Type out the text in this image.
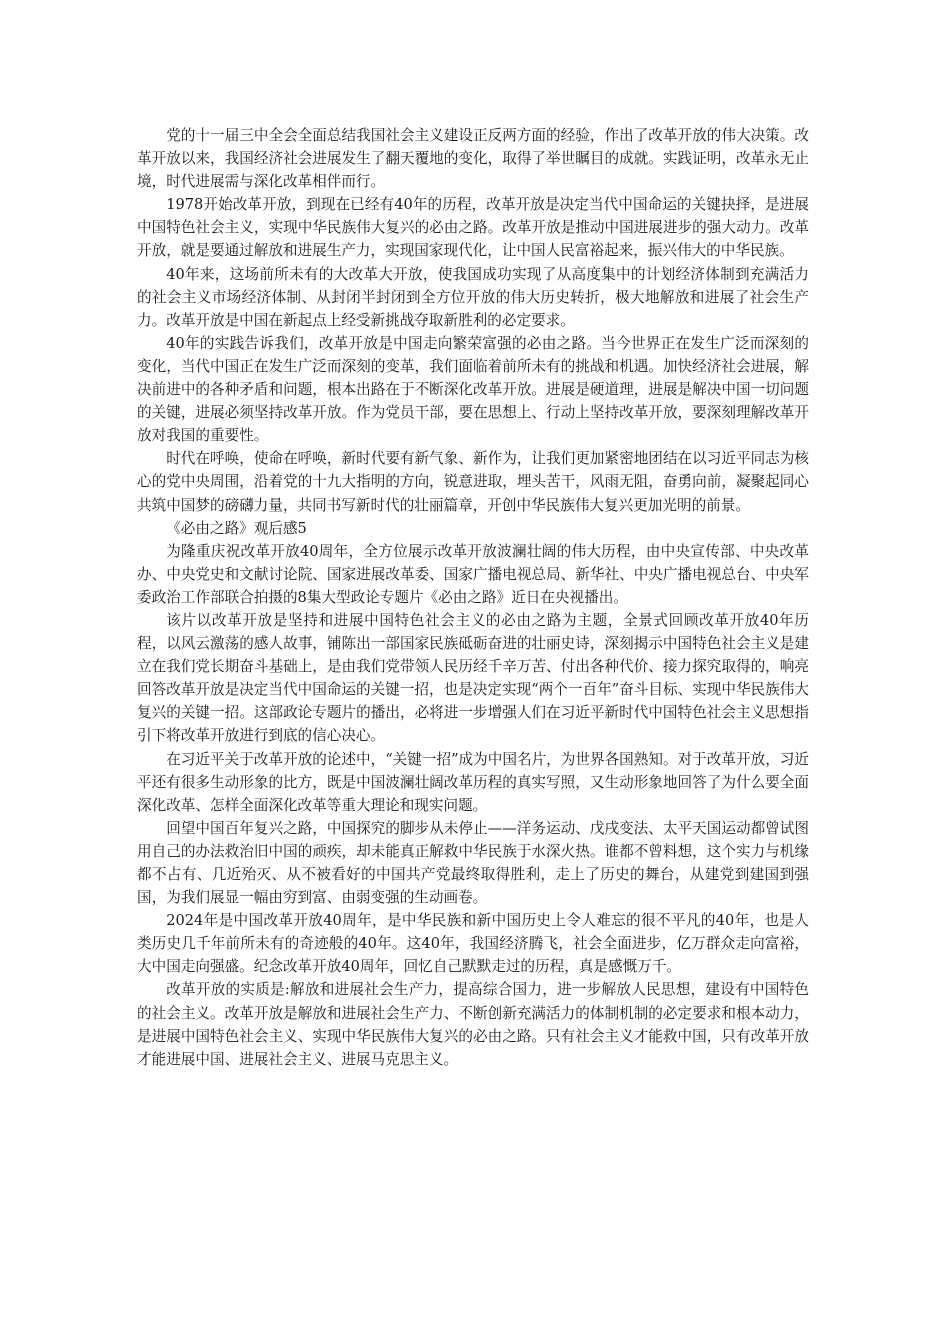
党的十一届三中全会全面总结我国社会主义建设正反两方面的经验，作出了改革开放的伟大决策。改革开放以来，我国经济社会进展发生了翻天覆地的变化，取得了举世瞩目的成就。实践证明，改革永无止境，时代进展需与深化改革相伴而行。

1978开始改革开放，到现在已经有40年的历程，改革开放是决定当代中国命运的关键抉择，是进展中国特色社会主义，实现中华民族伟大复兴的必由之路。改革开放是推动中国进展进步的强大动力。改革开放，就是要通过解放和进展生产力，实现国家现代化，让中国人民富裕起来，振兴伟大的中华民族。

40年来，这场前所未有的大改革大开放，使我国成功实现了从高度集中的计划经济体制到充满活力的社会主义市场经济体制、从封闭半封闭到全方位开放的伟大历史转折，极大地解放和进展了社会生产力。改革开放是中国在新起点上经受新挑战夺取新胜利的必定要求。

40年的实践告诉我们，改革开放是中国走向繁荣富强的必由之路。当今世界正在发生广泛而深刻的变化，当代中国正在发生广泛而深刻的变革，我们面临着前所未有的挑战和机遇。加快经济社会进展，解决前进中的各种矛盾和问题，根本出路在于不断深化改革开放。进展是硬道理，进展是解决中国一切问题的关键，进展必须坚持改革开放。作为党员干部，要在思想上、行动上坚持改革开放，要深刻理解改革开放对我国的重要性。

时代在呼唤，使命在呼唤，新时代要有新气象、新作为，让我们更加紧密地团结在以习近平同志为核心的党中央周围，沿着党的十九大指明的方向，锐意进取，埋头苦干，风雨无阻，奋勇向前，凝聚起同心共筑中国梦的磅礴力量，共同书写新时代的壮丽篇章，开创中华民族伟大复兴更加光明的前景。

《必由之路》观后感5

为隆重庆祝改革开放40周年，全方位展示改革开放波澜壮阔的伟大历程，由中央宣传部、中央改革办、中央党史和文献讨论院、国家进展改革委、国家广播电视总局、新华社、中央广播电视总台、中央军委政治工作部联合拍摄的8集大型政论专题片《必由之路》近日在央视播出。

该片以改革开放是坚持和进展中国特色社会主义的必由之路为主题，全景式回顾改革开放40年历程，以风云激荡的感人故事，铺陈出一部国家民族砥砺奋进的壮丽史诗，深刻揭示中国特色社会主义是建立在我们党长期奋斗基础上，是由我们党带领人民历经千辛万苦、付出各种代价、接力探究取得的，响亮回答改革开放是决定当代中国命运的关键一招，也是决定实现“两个一百年”奋斗目标、实现中华民族伟大复兴的关键一招。这部政论专题片的播出，必将进一步增强人们在习近平新时代中国特色社会主义思想指引下将改革开放进行到底的信心决心。

在习近平关于改革开放的论述中，“关键一招”成为中国名片，为世界各国熟知。对于改革开放，习近平还有很多生动形象的比方，既是中国波澜壮阔改革历程的真实写照，又生动形象地回答了为什么要全面深化改革、怎样全面深化改革等重大理论和现实问题。

回望中国百年复兴之路，中国探究的脚步从未停止——洋务运动、戊戌变法、太平天国运动都曾试图用自己的办法救治旧中国的顽疾，却未能真正解救中华民族于水深火热。谁都不曾料想，这个实力与机缘都不占有、几近殆灭、从不被看好的中国共产党最终取得胜利，走上了历史的舞台，从建党到建国到强国，为我们展显一幅由穷到富、由弱变强的生动画卷。

2024年是中国改革开放40周年，是中华民族和新中国历史上令人难忘的很不平凡的40年，也是人类历史几千年前所未有的奇迹般的40年。这40年，我国经济腾飞，社会全面进步，亿万群众走向富裕，大中国走向强盛。纪念改革开放40周年，回忆自己默默走过的历程，真是感慨万千。

改革开放的实质是:解放和进展社会生产力，提高综合国力，进一步解放人民思想，建设有中国特色的社会主义。改革开放是解放和进展社会生产力、不断创新充满活力的体制机制的必定要求和根本动力，是进展中国特色社会主义、实现中华民族伟大复兴的必由之路。只有社会主义才能救中国，只有改革开放才能进展中国、进展社会主义、进展马克思主义。
